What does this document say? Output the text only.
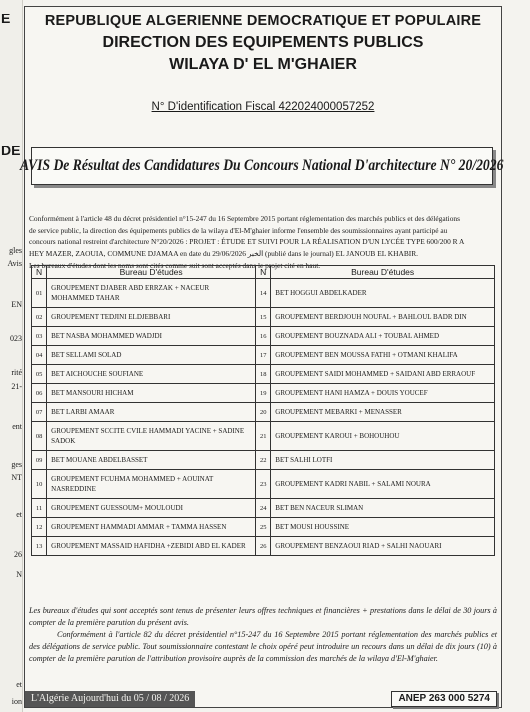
E
gles
Avis
DE
EN
023
rité
21-
ent
ges
NT
et
26
N
et
ion
REPUBLIQUE ALGERIENNE DEMOCRATIQUE ET POPULAIRE
DIRECTION DES EQUIPEMENTS PUBLICS
WILAYA D' EL M'GHAIER
N° D'identification Fiscal 422024000057252
AVIS De Résultat des Candidatures Du Concours National D'architecture N° 20/2026
Conformément à l'article 48 du décret présidentiel n°15-247 du 16 Septembre 2015 portant réglementation des marchés publics et des délégations
de service public, la direction des équipements publics de la wilaya d'El-M'ghaier informe l'ensemble des soumissionnaires ayant participé au
concours national restreint d'architecture N°20/2026 : PROJET : ÉTUDE ET SUIVI POUR LA RÉALISATION D'UN LYCÉE TYPE 600/200 R A
HEY MAZER, ZAOUIA, COMMUNE DJAMAA en date du 29/06/2026 الخبر (publié dans le journal) EL JANOUB EL KHABIR.
Les bureaux d'études dont les noms sont cités comme suit sont acceptés dans le projet cité en haut.
N	Bureau D'études	N	Bureau D'études
01	GROUPEMENT DJABER ABD ERRZAK + NACEUR MOHAMMED TAHAR	14	BET HOGGUI ABDELKADER
02	GROUPEMENT TEDJINI ELDJEBBARI	15	GROUPEMENT BERDJOUH NOUFAL + BAHLOUL BADR DIN
03	BET NASBA MOHAMMED WADJDI	16	GROUPEMENT BOUZNADA ALI + TOUBAL AHMED
04	BET SELLAMI SOLAD	17	GROUPEMENT BEN MOUSSA FATHI + OTMANI KHALIFA
05	BET AICHOUCHE SOUFIANE	18	GROUPEMENT SAIDI MOHAMMED + SAIDANI ABD ERRAOUF
06	BET MANSOURI HICHAM	19	GROUPEMENT HANI HAMZA + DOUIS YOUCEF
07	BET LARBI AMAAR	20	GROUPEMENT MEBARKI + MENASSER
08	GROUPEMENT SCCITE CVILE HAMMADI YACINE + SADINE SADOK	21	GROUPEMENT KAROUI + BOHOUHOU
09	BET MOUANE ABDELBASSET	22	BET SALHI LOTFI
10	GROUPEMENT FCUHMA MOHAMMED + AOUINAT NASREDDINE	23	GROUPEMENT KADRI NABIL + SALAMI NOURA
11	GROUPEMENT GUESSOUM+ MOULOUDI	24	BET BEN NACEUR SLIMAN
12	GROUPEMENT HAMMADI AMMAR + TAMMA HASSEN	25	BET MOUSI HOUSSINE
13	GROUPEMENT MASSAID HAFIDHA +ZEBIDI ABD EL KADER	26	GROUPEMENT BENZAOUI RIAD + SALHI NAOUARI

Les bureaux d'études qui sont acceptés sont tenus de présenter leurs offres techniques et financières + prestations dans le délai de 30 jours à compter de la première parution du présent avis.

Conformément à l'article 82 du décret présidentiel n°15-247 du 16 Septembre 2015 portant réglementation des marchés publics et des délégations de service public. Tout soumissionnaire contestant le choix opéré peut introduire un recours dans un délai de dix jours (10) à compter de la première parution de l'attribution provisoire auprès de la commission des marchés de la wilaya d'El-M'ghaier.

L'Algérie Aujourd'hui du 05 / 08 / 2026	ANEP 263 000 5274
